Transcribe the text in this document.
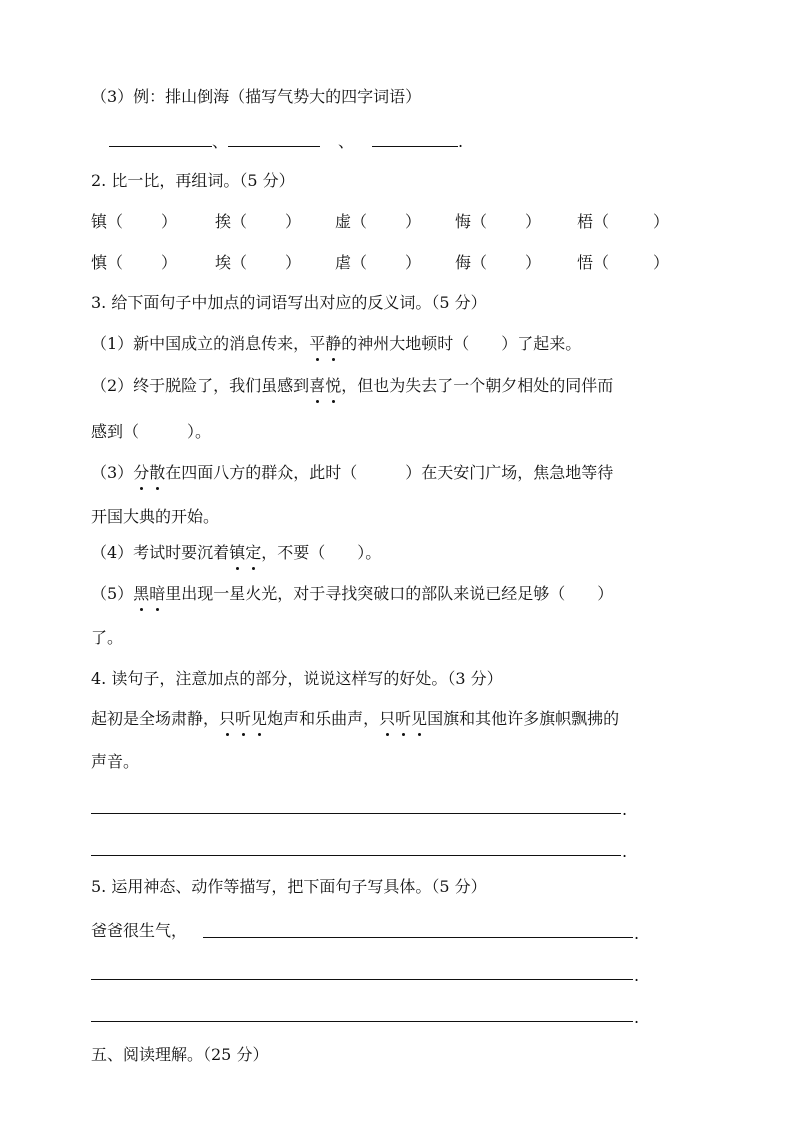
（3）例：排山倒海（描写气势大的四字词语）
、	、	.
2. 比一比，再组词。（5 分）
镇（ ） 挨（ ） 虚（ ） 悔（ ） 梧（	）
慎（ ） 埃（ ） 虐（ ） 侮（ ） 悟（	）
3. 给下面句子中加点的词语写出对应的反义词。（5 分）
（1）新中国成立的消息传来，平静的神州大地顿时（　　）了起来。
（2）终于脱险了，我们虽感到喜悦，但也为失去了一个朝夕相处的同伴而
感到（　　　）。
（3）分散在四面八方的群众，此时（　　　）在天安门广场，焦急地等待
开国大典的开始。
（4）考试时要沉着镇定，不要（　　）。
（5）黑暗里出现一星火光，对于寻找突破口的部队来说已经足够（　　）
了。
4. 读句子，注意加点的部分，说说这样写的好处。（3 分）
起初是全场肃静，只听见炮声和乐曲声，只听见国旗和其他许多旗帜飘拂的
声音。
.
.
5. 运用神态、动作等描写，把下面句子写具体。（5 分）
爸爸很生气，	.
.
.
五、阅读理解。（25 分）
